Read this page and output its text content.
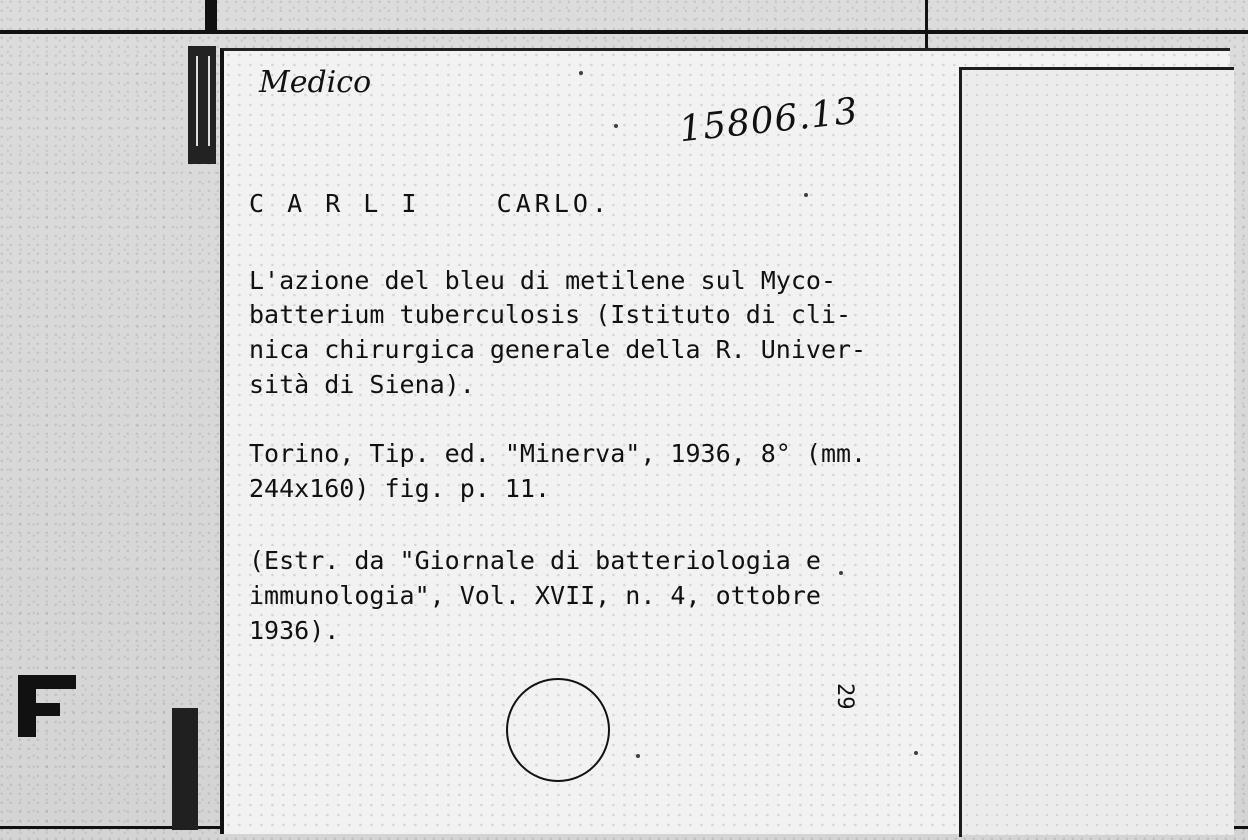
Medico
15806.13
C A R L I    CARLO.
L'azione del bleu di metilene sul Myco-
batterium tuberculosis (Istituto di cli-
nica chirurgica generale della R. Univer-
sità di Siena).
Torino, Tip. ed. "Minerva", 1936, 8° (mm.
244x160) fig. p. 11.
(Estr. da "Giornale di batteriologia e
immunologia", Vol. XVII, n. 4, ottobre
1936).
29
